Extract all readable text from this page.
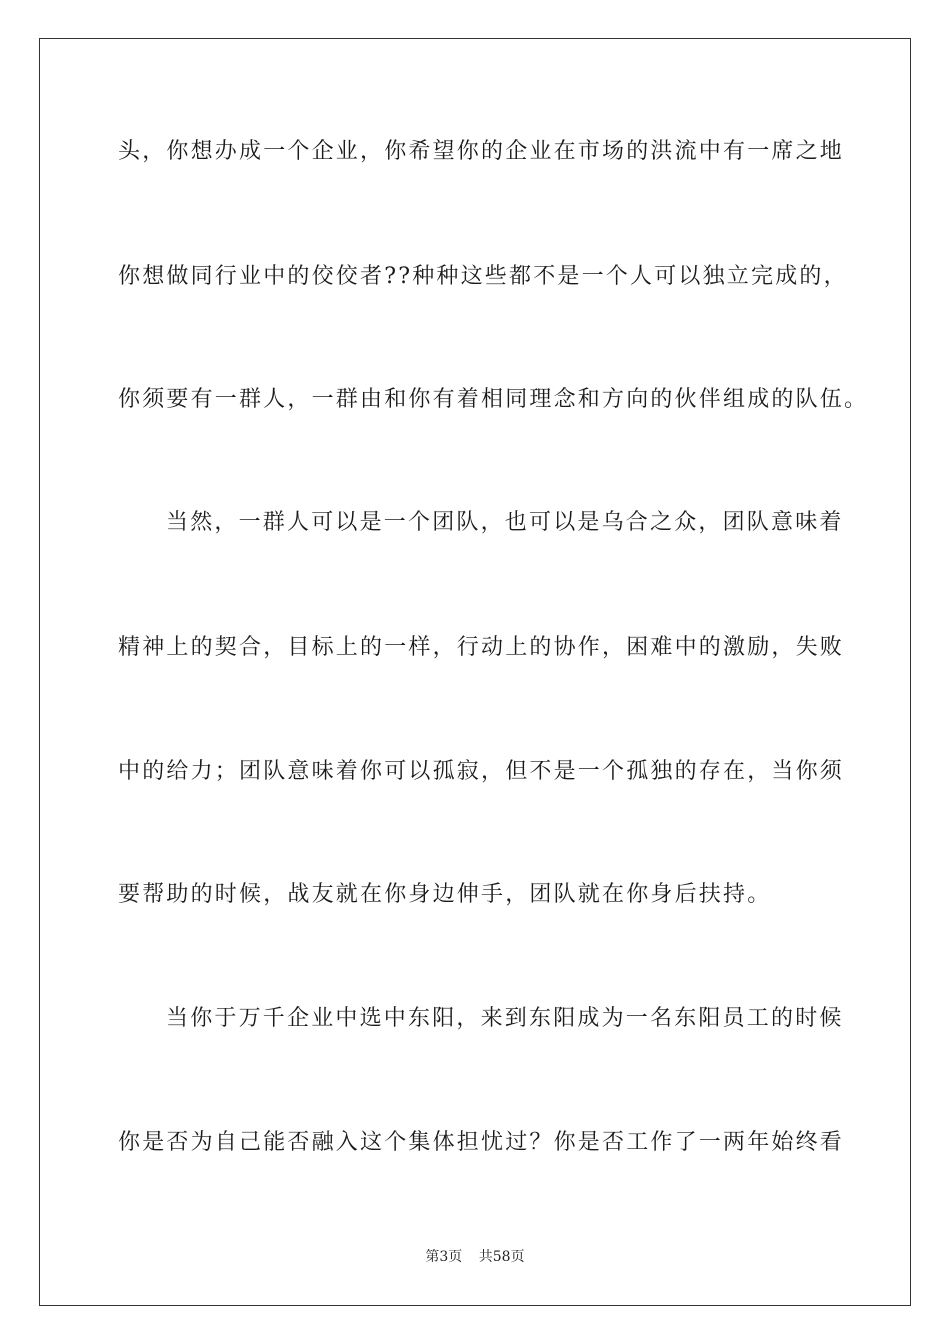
头，你想办成一个企业，你希望你的企业在市场的洪流中有一席之地
你想做同行业中的佼佼者??种种这些都不是一个人可以独立完成的，
你须要有一群人，一群由和你有着相同理念和方向的伙伴组成的队伍。
当然，一群人可以是一个团队，也可以是乌合之众，团队意味着
精神上的契合，目标上的一样，行动上的协作，困难中的激励，失败
中的给力；团队意味着你可以孤寂，但不是一个孤独的存在，当你须
要帮助的时候，战友就在你身边伸手，团队就在你身后扶持。
当你于万千企业中选中东阳，来到东阳成为一名东阳员工的时候
你是否为自己能否融入这个集体担忧过？你是否工作了一两年始终看
第3页 共58页
